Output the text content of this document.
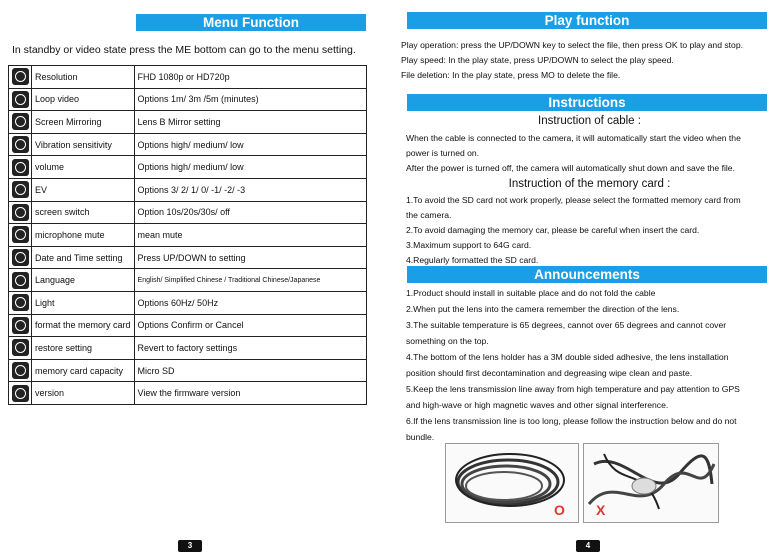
Menu Function
In standby or video state press the ME bottom can go to the menu setting.
	Resolution	FHD 1080p or HD720p
	Loop video	Options 1m/ 3m /5m (minutes)
	Screen Mirroring	Lens B Mirror setting
	Vibration sensitivity	Options high/ medium/ low
	volume	Options high/ medium/ low
	EV	Options 3/ 2/ 1/ 0/ -1/ -2/ -3
	screen switch	Option 10s/20s/30s/ off
	microphone mute	mean mute
	Date and Time setting	Press UP/DOWN to setting
	Language	English/ Simplified Chinese / Traditional Chinese/Japanese
	Light	Options 60Hz/ 50Hz
	format the memory card	Options Confirm or Cancel
	restore setting	Revert to factory settings
	memory card capacity	Micro SD
	version	View the firmware version
3
Play function
Play operation: press the UP/DOWN key to select the file, then press OK to play and stop.
Play speed: In the play state, press UP/DOWN to select the play speed.
File deletion: In the play state, press MO to delete the file.
Instructions
Instruction of cable :
When the cable is connected to the camera, it will automatically start the video when the
power is turned on.
After the power is turned off, the camera will automatically shut down and save the file.
Instruction of the memory card :
1.To avoid the SD card not work properly, please select the formatted memory card from
the camera.
2.To avoid damaging the memory car, please be careful when insert the card.
3.Maximum support to 64G card.
4.Regularly formatted the SD card.
Announcements
1.Product should install in suitable place and do not fold the cable
2.When put the lens into the camera remember the direction of the lens.
3.The suitable temperature is 65 degrees, cannot over 65 degrees and cannot cover
something on the top.
4.The bottom of the lens holder has a 3M double sided adhesive, the lens installation
position should first decontamination and degreasing wipe clean and paste.
5.Keep the lens transmission line away from high temperature and pay attention to GPS
and high-wave or high magnetic waves and other signal interference.
6.If the lens transmission line is too long, please follow the instruction below and do not
bundle.
O X
4
